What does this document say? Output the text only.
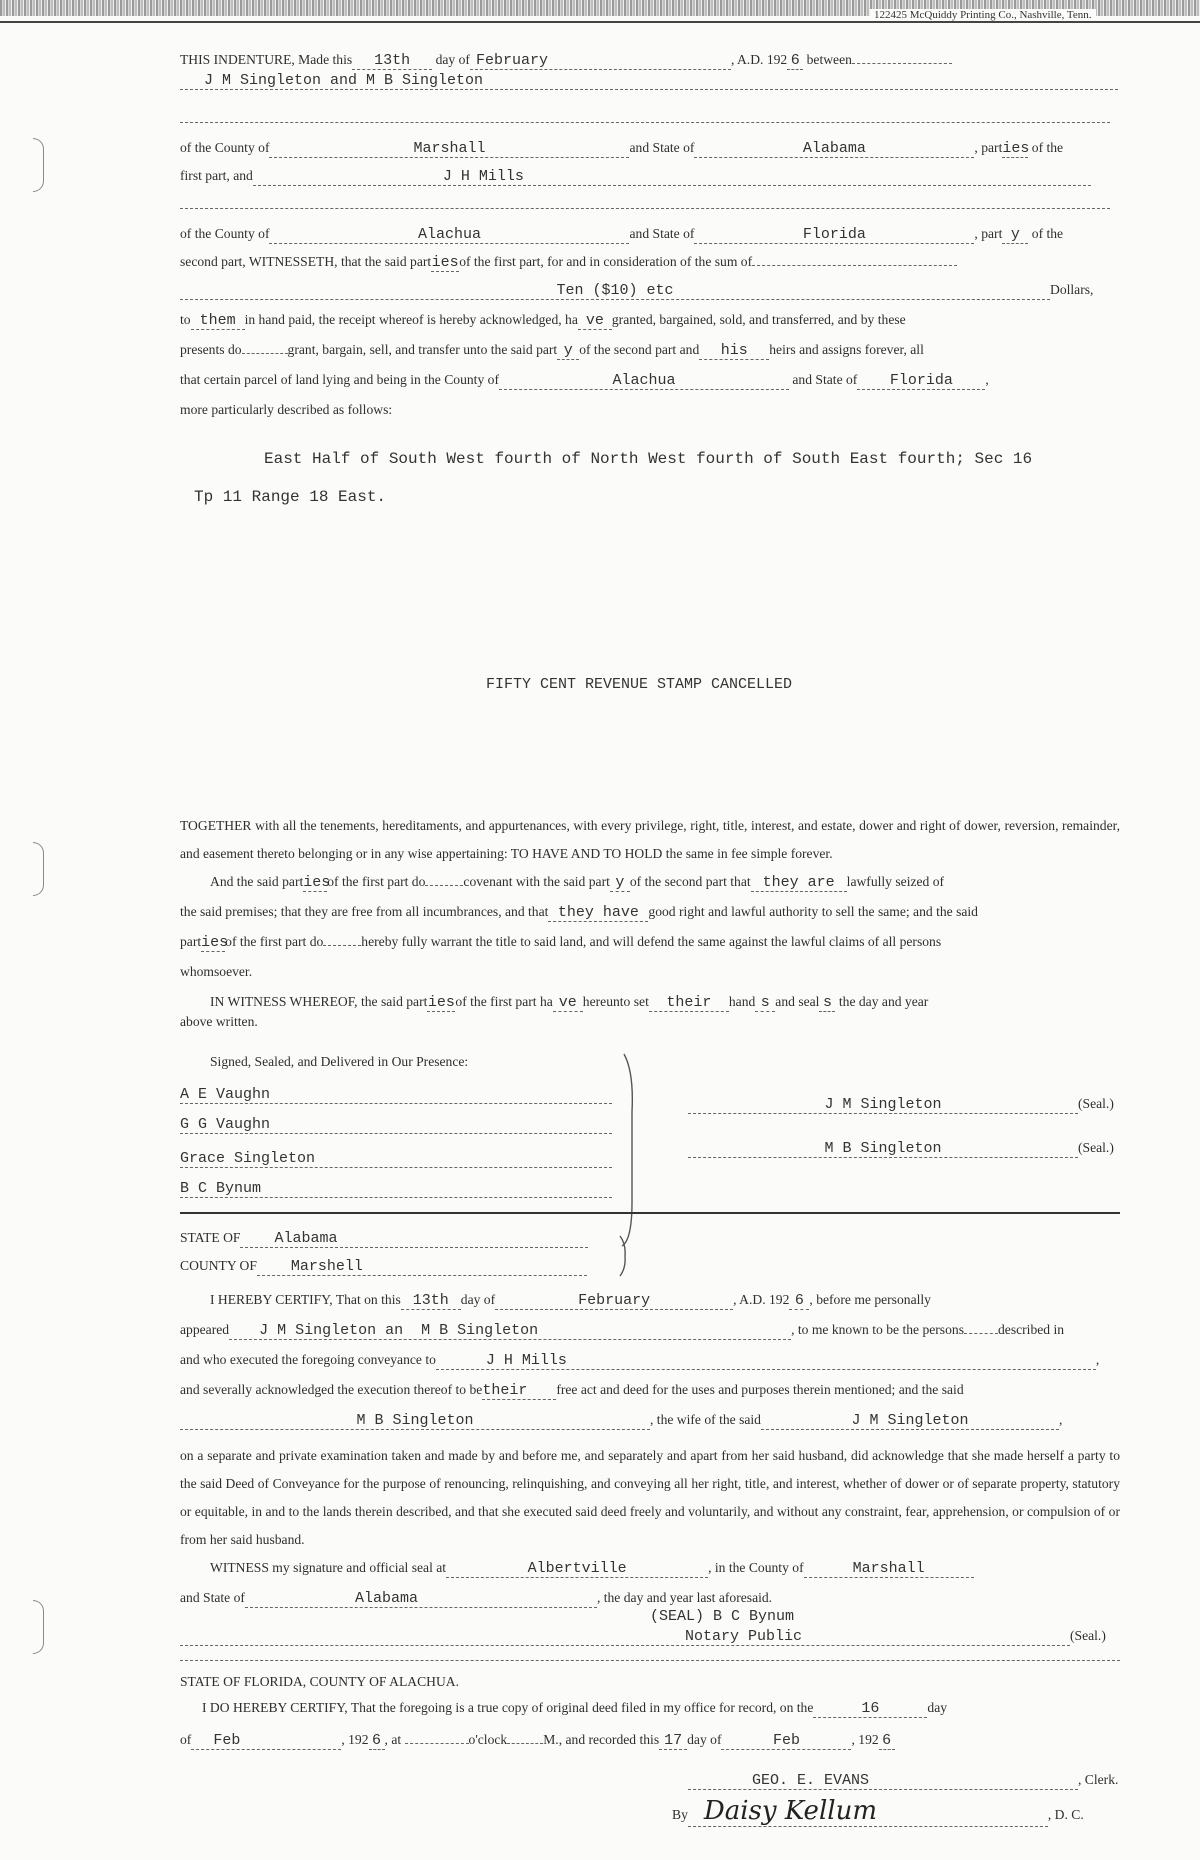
122425 McQuiddy Printing Co., Nashville, Tenn.
THIS INDENTURE, Made this 13th day of February	, A.D. 192 6 between
J M Singleton and M B Singleton
of the County of	Marshall	and State of	Alabama	, parties of the
first part, and	J H Mills
of the County of	Alachua	and State of	Florida	, part y of the
second part, WITNESSETH, that the said partiesof the first part, for and in consideration of the sum of
Ten ($10) etc	Dollars,
to them in hand paid, the receipt whereof is hereby acknowledged, ha ve granted, bargained, sold, and transferred, and by these
presents do	grant, bargain, sell, and transfer unto the said part y of the second part and his heirs and assigns forever, all
that certain parcel of land lying and being in the County of	Alachua	and State of Florida ,
more particularly described as follows:
East Half of South West fourth of North West fourth of South East fourth; Sec 16
Tp 11 Range 18 East.
FIFTY CENT REVENUE STAMP CANCELLED
TOGETHER with all the tenements, hereditaments, and appurtenances, with every privilege, right, title, interest, and estate, dower and right of dower, reversion, remainder, and easement thereto belonging or in any wise appertaining: TO HAVE AND TO HOLD the same in fee simple forever.
And the said partiesof the first part do	covenant with the said part y of the second part that they are lawfully seized of
the said premises; that they are free from all incumbrances, and that they have good right and lawful authority to sell the same; and the said
partiesof the first part do	hereby fully warrant the title to said land, and will defend the same against the lawful claims of all persons
whomsoever.
IN WITNESS WHEREOF, the said partiesof the first part ha ve hereunto set their hand s and seal s the day and year
above written.
Signed, Sealed, and Delivered in Our Presence:
A E Vaughn
G G Vaughn
Grace Singleton
B C Bynum
J M Singleton	(Seal.)
M B Singleton	(Seal.)
STATE OF Alabama
COUNTY OF Marshell
I HEREBY CERTIFY, That on this 13th day of	February	, A.D. 192 6 , before me personally
appeared J M Singleton an  M B Singleton	, to me known to be the persons	described in
and who executed the foregoing conveyance to	J H Mills	,
and severally acknowledged the execution thereof to betheir free act and deed for the uses and purposes therein mentioned; and the said
M B Singleton	, the wife of the said	J M Singleton	,
on a separate and private examination taken and made by and before me, and separately and apart from her said husband, did acknowledge that she made herself a party to the said Deed of Conveyance for the purpose of renouncing, relinquishing, and conveying all her right, title, and interest, whether of dower or of separate property, statutory or equitable, in and to the lands therein described, and that she executed said deed freely and voluntarily, and without any constraint, fear, apprehension, or compulsion of or from her said husband.
WITNESS my signature and official seal at	Albertville	, in the County of	Marshall
and State of	Alabama	, the day and year last aforesaid.
(SEAL) B C Bynum
Notary Public	(Seal.)
STATE OF FLORIDA, COUNTY OF ALACHUA.
I DO HEREBY CERTIFY, That the foregoing is a true copy of original deed filed in my office for record, on the	16	day
of Feb	, 192 6 , at	o'clock	M., and recorded this 17 day of	Feb	, 192 6
GEO. E. EVANS	, Clerk.
By Daisy Kellum	, D. C.
